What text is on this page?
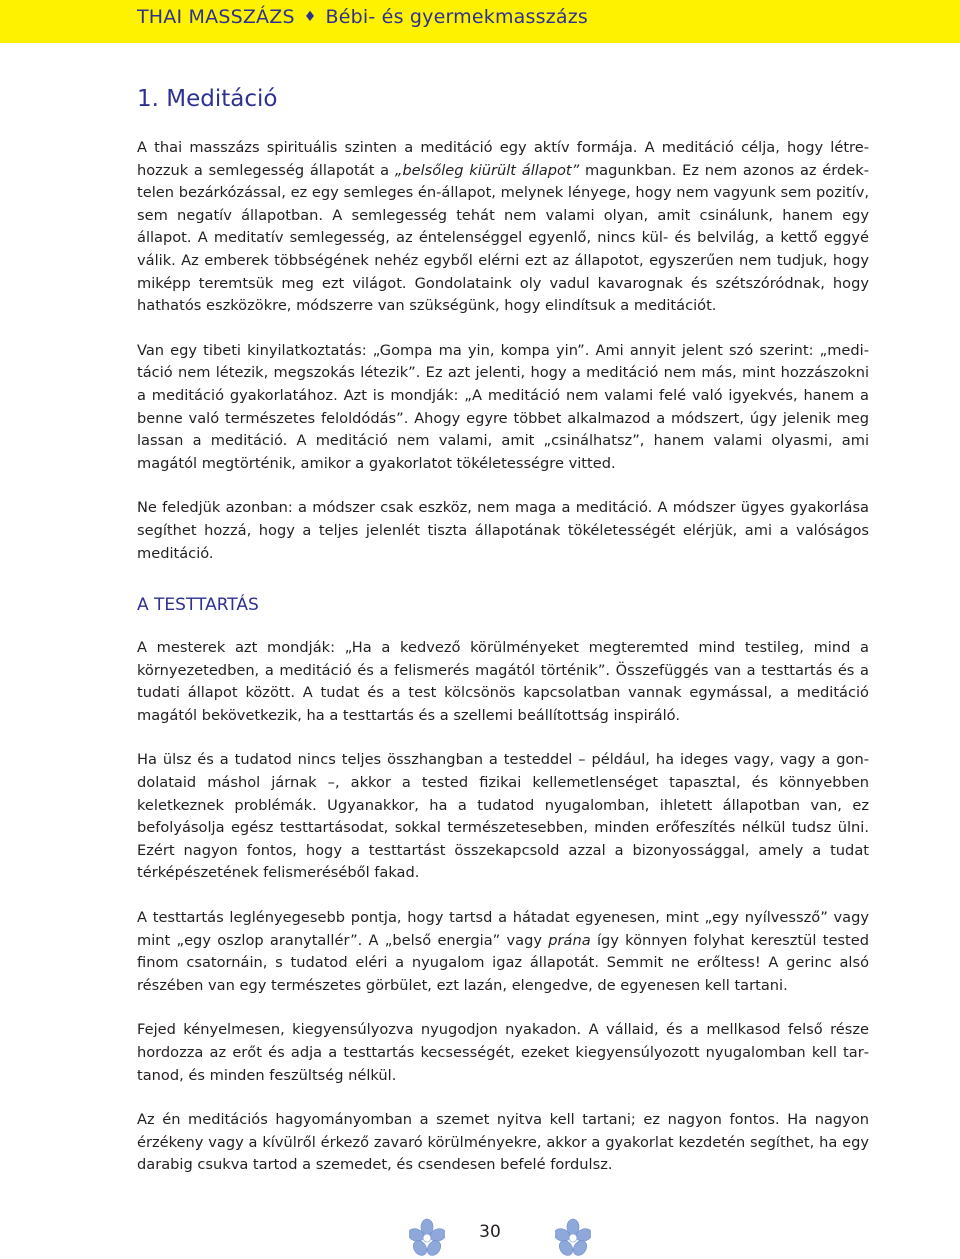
THAI MASSZÁZS ♦ Bébi- és gyermekmasszázs
1. Meditáció

A thai masszázs spirituális szinten a meditáció egy aktív formája. A meditáció célja, hogy létrehozzuk a semlegesség állapotát a „belsőleg kiürült állapot” magunkban. Ez nem azonos az érdektelen bezárkózással, ez egy semleges én-állapot, melynek lényege, hogy nem vagyunk sem pozitív, sem negatív állapotban. A semlegesség tehát nem valami olyan, amit csinálunk, hanem egy állapot. A meditatív semlegesség, az éntelenséggel egyenlő, nincs kül- és belvilág, a kettő eggyé válik. Az emberek többségének nehéz egyből elérni ezt az állapotot, egyszerűen nem tudjuk, hogy miképp teremtsük meg ezt világot. Gondolataink oly vadul kavarognak és szétszóródnak, hogy hathatós eszközökre, módszerre van szükségünk, hogy elindítsuk a meditációt.

Van egy tibeti kinyilatkoztatás: „Gompa ma yin, kompa yin”. Ami annyit jelent szó szerint: „meditáció nem létezik, megszokás létezik”. Ez azt jelenti, hogy a meditáció nem más, mint hozzászokni a meditáció gyakorlatához. Azt is mondják: „A meditáció nem valami felé való igyekvés, hanem a benne való természetes feloldódás”. Ahogy egyre többet alkalmazod a módszert, úgy jelenik meg lassan a meditáció. A meditáció nem valami, amit „csinálhatsz”, hanem valami olyasmi, ami magától megtörténik, amikor a gyakorlatot tökéletességre vitted.

Ne feledjük azonban: a módszer csak eszköz, nem maga a meditáció. A módszer ügyes gyakorlása segíthet hozzá, hogy a teljes jelenlét tiszta állapotának tökéletességét elérjük, ami a valóságos meditáció.

A TESTTARTÁS

A mesterek azt mondják: „Ha a kedvező körülményeket megteremted mind testileg, mind a környezetedben, a meditáció és a felismerés magától történik”. Összefüggés van a testtartás és a tudati állapot között. A tudat és a test kölcsönös kapcsolatban vannak egymással, a meditáció magától bekövetkezik, ha a testtartás és a szellemi beállítottság inspiráló.

Ha ülsz és a tudatod nincs teljes összhangban a testeddel – például, ha ideges vagy, vagy a gondolataid máshol járnak –, akkor a tested fizikai kellemetlenséget tapasztal, és könnyebben keletkeznek problémák. Ugyanakkor, ha a tudatod nyugalomban, ihletett állapotban van, ez befolyásolja egész testtartásodat, sokkal természetesebben, minden erőfeszítés nélkül tudsz ülni. Ezért nagyon fontos, hogy a testtartást összekapcsold azzal a bizonyossággal, amely a tudat térképészetének felismeréséből fakad.

A testtartás leglényegesebb pontja, hogy tartsd a hátadat egyenesen, mint „egy nyílvessző” vagy mint „egy oszlop aranytallér”. A „belső energia” vagy prána így könnyen folyhat keresztül tested finom csatornáin, s tudatod eléri a nyugalom igaz állapotát. Semmit ne erőltess! A gerinc alsó részében van egy természetes görbület, ezt lazán, elengedve, de egyenesen kell tartani.

Fejed kényelmesen, kiegyensúlyozva nyugodjon nyakadon. A vállaid, és a mellkasod felső része hordozza az erőt és adja a testtartás kecsességét, ezeket kiegyensúlyozott nyugalomban kell tartanod, és minden feszültség nélkül.

Az én meditációs hagyományomban a szemet nyitva kell tartani; ez nagyon fontos. Ha nagyon érzékeny vagy a kívülről érkező zavaró körülményekre, akkor a gyakorlat kezdetén segíthet, ha egy darabig csukva tartod a szemedet, és csendesen befelé fordulsz.

30
